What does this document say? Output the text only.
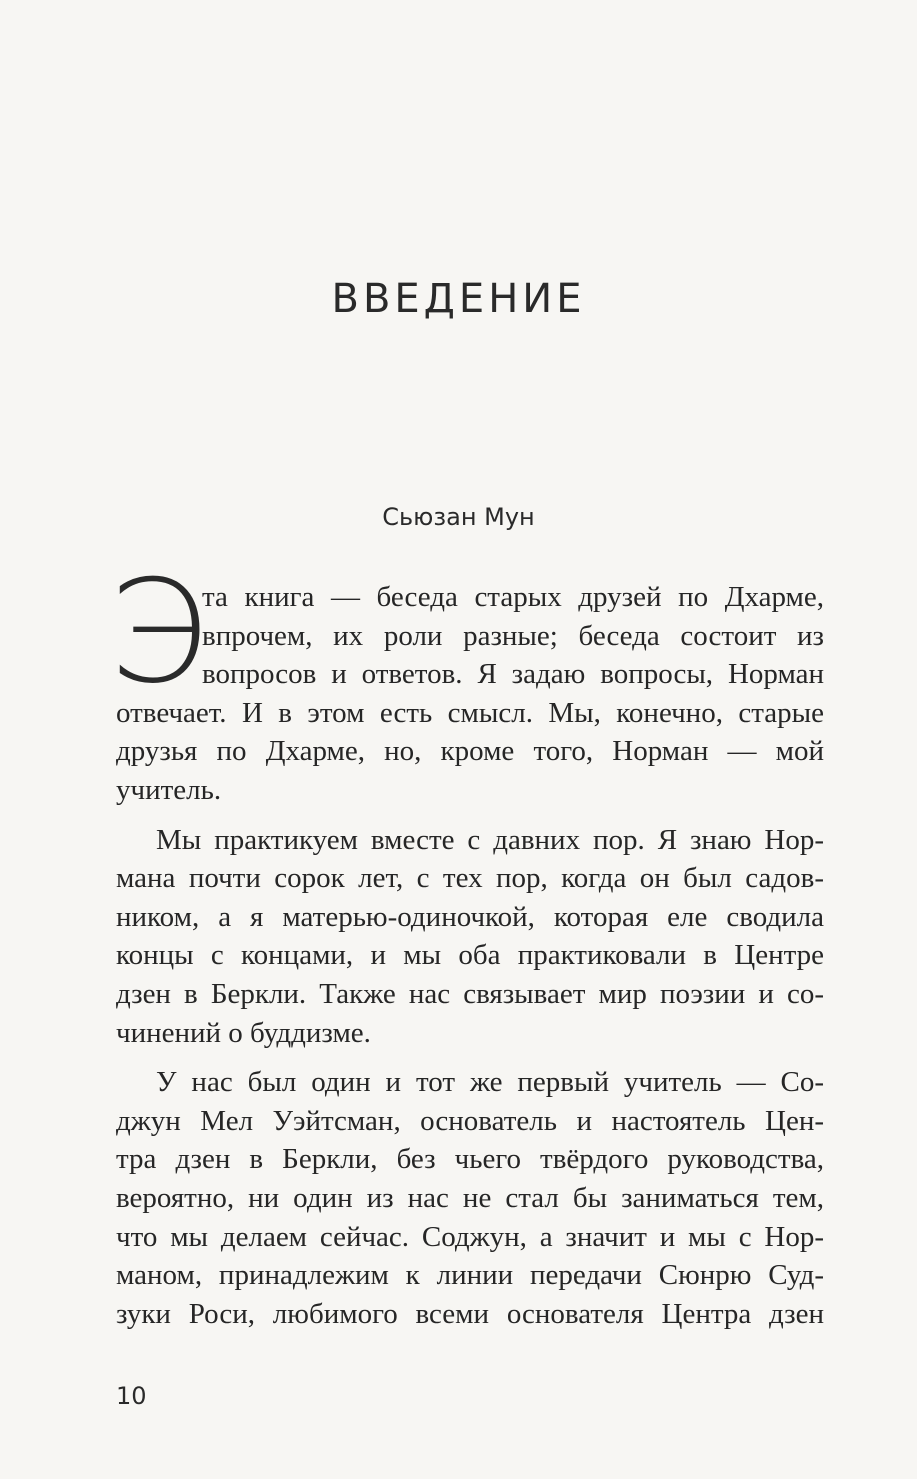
ВВЕДЕНИЕ
Сьюзан Мун
Э
та книга — беседа старых друзей по Дхарме,
впрочем, их роли разные; беседа состоит из
вопросов и ответов. Я задаю вопросы, Норман
отвечает. И в этом есть смысл. Мы, конечно, старые
друзья по Дхарме, но, кроме того, Норман — мой
учитель.
Мы практикуем вместе с давних пор. Я знаю Нор-
мана почти сорок лет, с тех пор, когда он был садов-
ником, а я матерью-одиночкой, которая еле сводила
концы с концами, и мы оба практиковали в Центре
дзен в Беркли. Также нас связывает мир поэзии и со-
чинений о буддизме.
У нас был один и тот же первый учитель — Со-
джун Мел Уэйтсман, основатель и настоятель Цен-
тра дзен в Беркли, без чьего твёрдого руководства,
вероятно, ни один из нас не стал бы заниматься тем,
что мы делаем сейчас. Соджун, а значит и мы с Нор-
маном, принадлежим к линии передачи Сюнрю Суд-
зуки Роси, любимого всеми основателя Центра дзен
10
